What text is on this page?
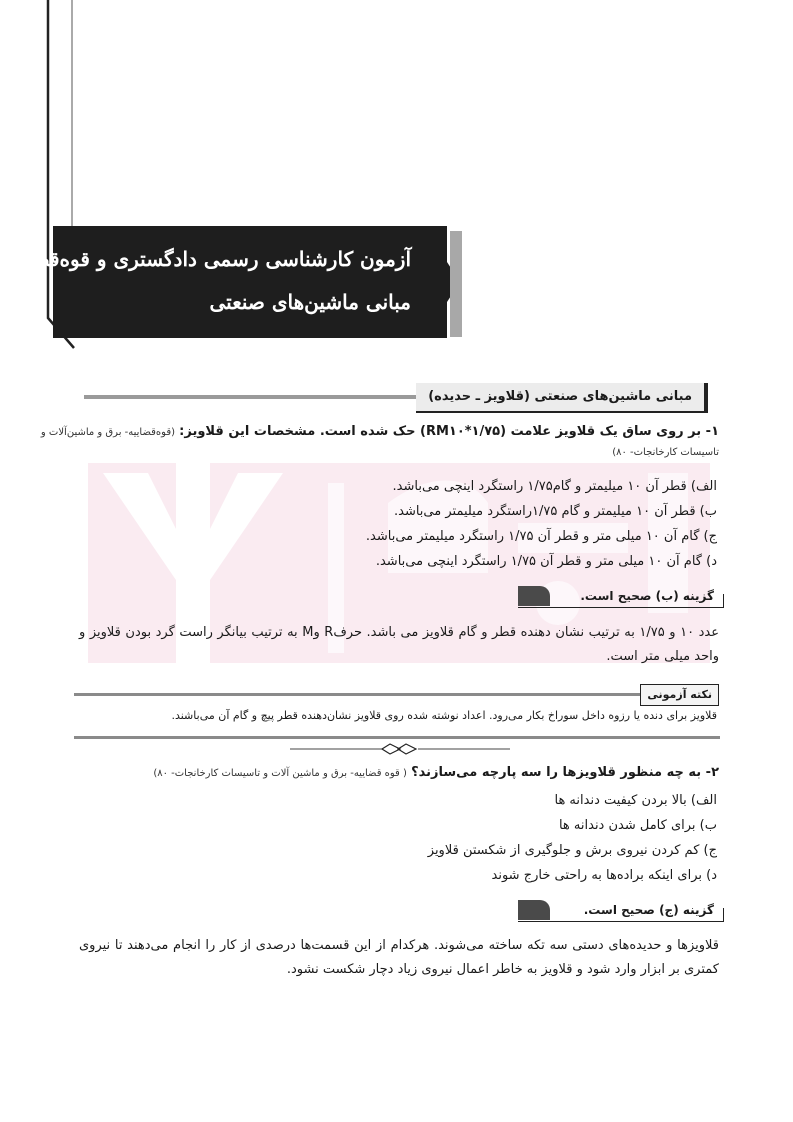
آزمون کارشناسی رسمی دادگستری و قوه‌قضائیه
مبانی ماشین‌های صنعتی
مبانی ماشین‌های صنعتی (قلاویز ـ حدیده)
۱- بر روی ساق یک قلاویز علامت (RM۱۰*۱/۷۵) حک شده است. مشخصات این قلاویز: (قوه‌قضاییه- برق و ماشین‌آلات و
تاسیسات کارخانجات- ۸۰)
الف) قطر آن ۱۰ میلیمتر و گام۱/۷۵ راستگرد اینچی می‌باشد.
ب) قطر آن ۱۰ میلیمتر و گام ۱/۷۵راستگرد میلیمتر می‌باشد.
ج) گام آن ۱۰ میلی متر و قطر آن ۱/۷۵ راستگرد میلیمتر می‌باشد.
د) گام آن ۱۰ میلی متر و قطر آن ۱/۷۵ راستگرد اینچی می‌باشد.
گزینه (ب) صحیح است.
عدد ۱۰ و ۱/۷۵ به ترتیب نشان دهنده قطر و گام قلاویز می باشد. حرفR وM به ترتیب بیانگر راست گرد بودن قلاویز و واحد میلی متر است.
نکته آزمونی
قلاویز برای دنده یا رزوه داخل سوراخ بکار می‌رود. اعداد نوشته شده روی قلاویز نشان‌دهنده قطر پیچ و گام آن می‌باشند.
۲- به چه منظور قلاویزها را سه پارچه می‌سازند؟ ( قوه قضاییه- برق و ماشین آلات و تاسیسات کارخانجات- ۸۰)
الف) بالا بردن کیفیت دندانه ها
ب) برای کامل شدن دندانه ها
ج) کم کردن نیروی برش و جلوگیری از شکستن قلاویز
د) برای اینکه براده‌ها به راحتی خارج شوند
گزینه (ج) صحیح است.
قلاویزها و حدیده‌های دستی سه تکه ساخته می‌شوند. هرکدام از این قسمت‌ها درصدی از کار را انجام می‌دهند تا نیروی کمتری بر ابزار وارد شود و قلاویز به خاطر اعمال نیروی زیاد دچار شکست نشود.
